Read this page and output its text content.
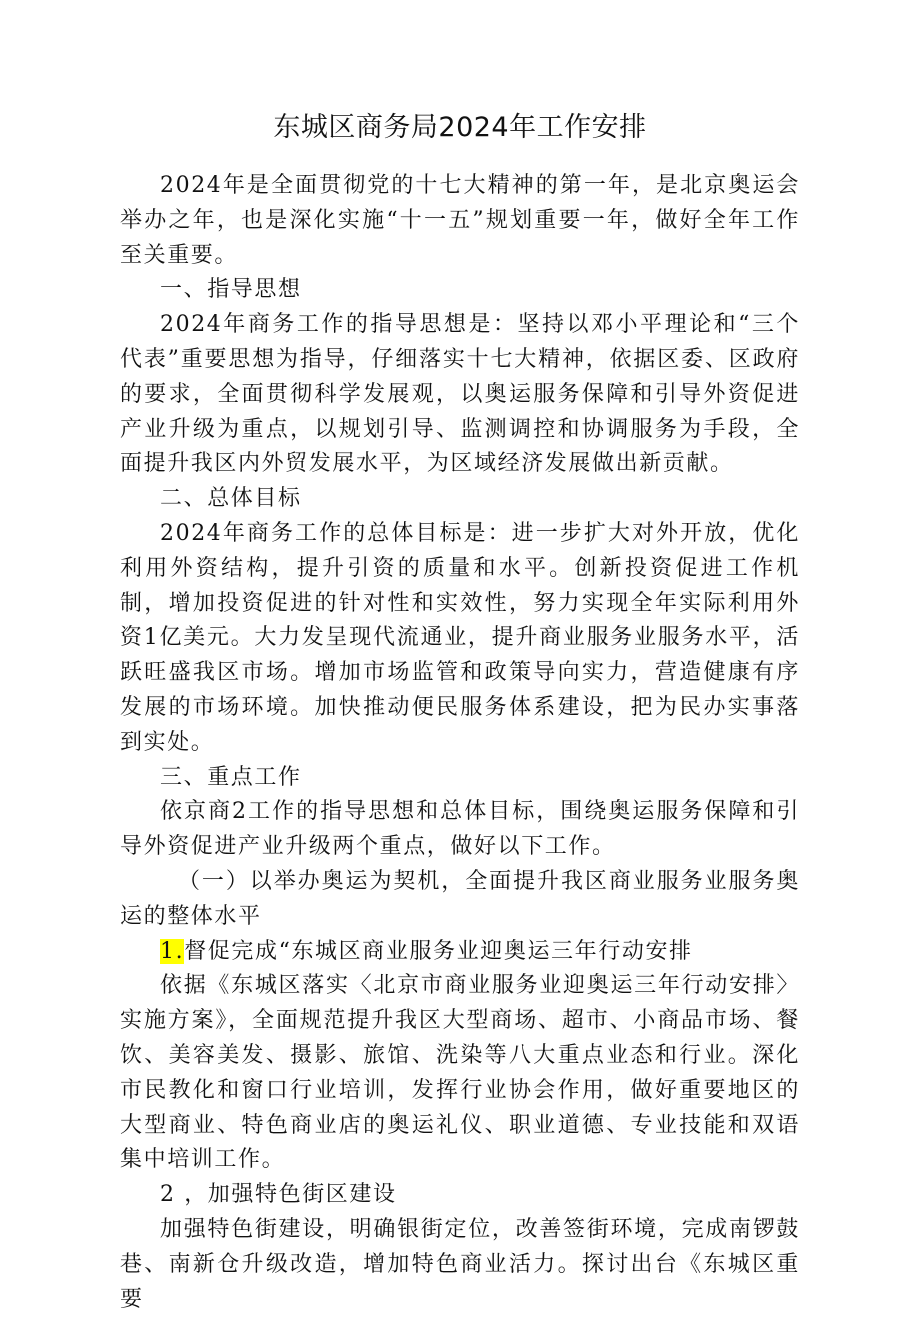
东城区商务局2024年工作安排

2024年是全面贯彻党的十七大精神的第一年，是北京奥运会举办之年，也是深化实施“十一五”规划重要一年，做好全年工作至关重要。

一、指导思想

2024年商务工作的指导思想是：坚持以邓小平理论和“三个代表”重要思想为指导，仔细落实十七大精神，依据区委、区政府的要求，全面贯彻科学发展观，以奥运服务保障和引导外资促进产业升级为重点，以规划引导、监测调控和协调服务为手段，全面提升我区内外贸发展水平，为区域经济发展做出新贡献。

二、总体目标

2024年商务工作的总体目标是：进一步扩大对外开放，优化利用外资结构，提升引资的质量和水平。创新投资促进工作机制，增加投资促进的针对性和实效性，努力实现全年实际利用外资1亿美元。大力发呈现代流通业，提升商业服务业服务水平，活跃旺盛我区市场。增加市场监管和政策导向实力，营造健康有序发展的市场环境。加快推动便民服务体系建设，把为民办实事落到实处。

三、重点工作

依京商2工作的指导思想和总体目标，围绕奥运服务保障和引导外资促进产业升级两个重点，做好以下工作。

（一）以举办奥运为契机，全面提升我区商业服务业服务奥运的整体水平

1.督促完成“东城区商业服务业迎奥运三年行动安排

依据《东城区落实〈北京市商业服务业迎奥运三年行动安排〉实施方案》，全面规范提升我区大型商场、超市、小商品市场、餐饮、美容美发、摄影、旅馆、洗染等八大重点业态和行业。深化市民教化和窗口行业培训，发挥行业协会作用，做好重要地区的大型商业、特色商业店的奥运礼仪、职业道德、专业技能和双语集中培训工作。

2 ，加强特色街区建设

加强特色街建设，明确银街定位，改善签街环境，完成南锣鼓巷、南新仓升级改造，增加特色商业活力。探讨出台《东城区重要
